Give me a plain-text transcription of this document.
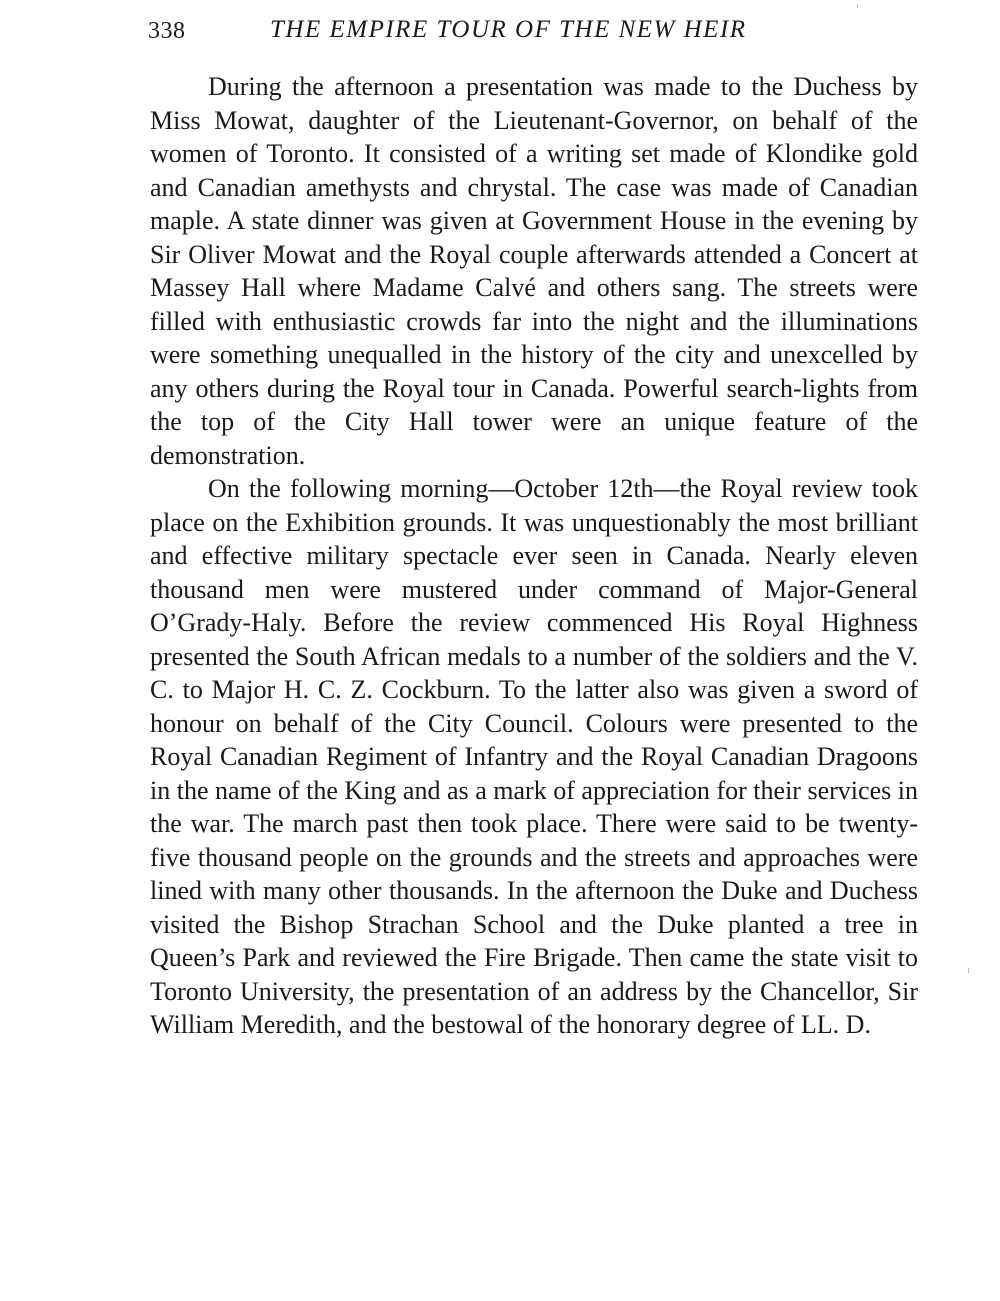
338	THE EMPIRE TOUR OF THE NEW HEIR

During the afternoon a presentation was made to the Duchess by Miss Mowat, daughter of the Lieutenant-Governor, on behalf of the women of Toronto. It consisted of a writing set made of Klondike gold and Canadian amethysts and chrystal. The case was made of Canadian maple. A state dinner was given at Government House in the evening by Sir Oliver Mowat and the Royal couple afterwards attended a Concert at Massey Hall where Madame Calvé and others sang. The streets were filled with enthusiastic crowds far into the night and the illuminations were something unequalled in the history of the city and unexcelled by any others during the Royal tour in Canada. Powerful search-lights from the top of the City Hall tower were an unique feature of the demonstration.

On the following morning—October 12th—the Royal review took place on the Exhibition grounds. It was unquestionably the most brilliant and effective military spectacle ever seen in Canada. Nearly eleven thousand men were mustered under command of Major-General O’Grady-Haly. Before the review commenced His Royal Highness presented the South African medals to a number of the soldiers and the V. C. to Major H. C. Z. Cockburn. To the latter also was given a sword of honour on behalf of the City Council. Colours were presented to the Royal Canadian Regiment of Infantry and the Royal Canadian Dragoons in the name of the King and as a mark of appreciation for their services in the war. The march past then took place. There were said to be twenty-five thousand people on the grounds and the streets and approaches were lined with many other thousands. In the afternoon the Duke and Duchess visited the Bishop Strachan School and the Duke planted a tree in Queen’s Park and reviewed the Fire Brigade. Then came the state visit to Toronto University, the presentation of an address by the Chancellor, Sir William Meredith, and the bestowal of the honorary degree of LL. D.
